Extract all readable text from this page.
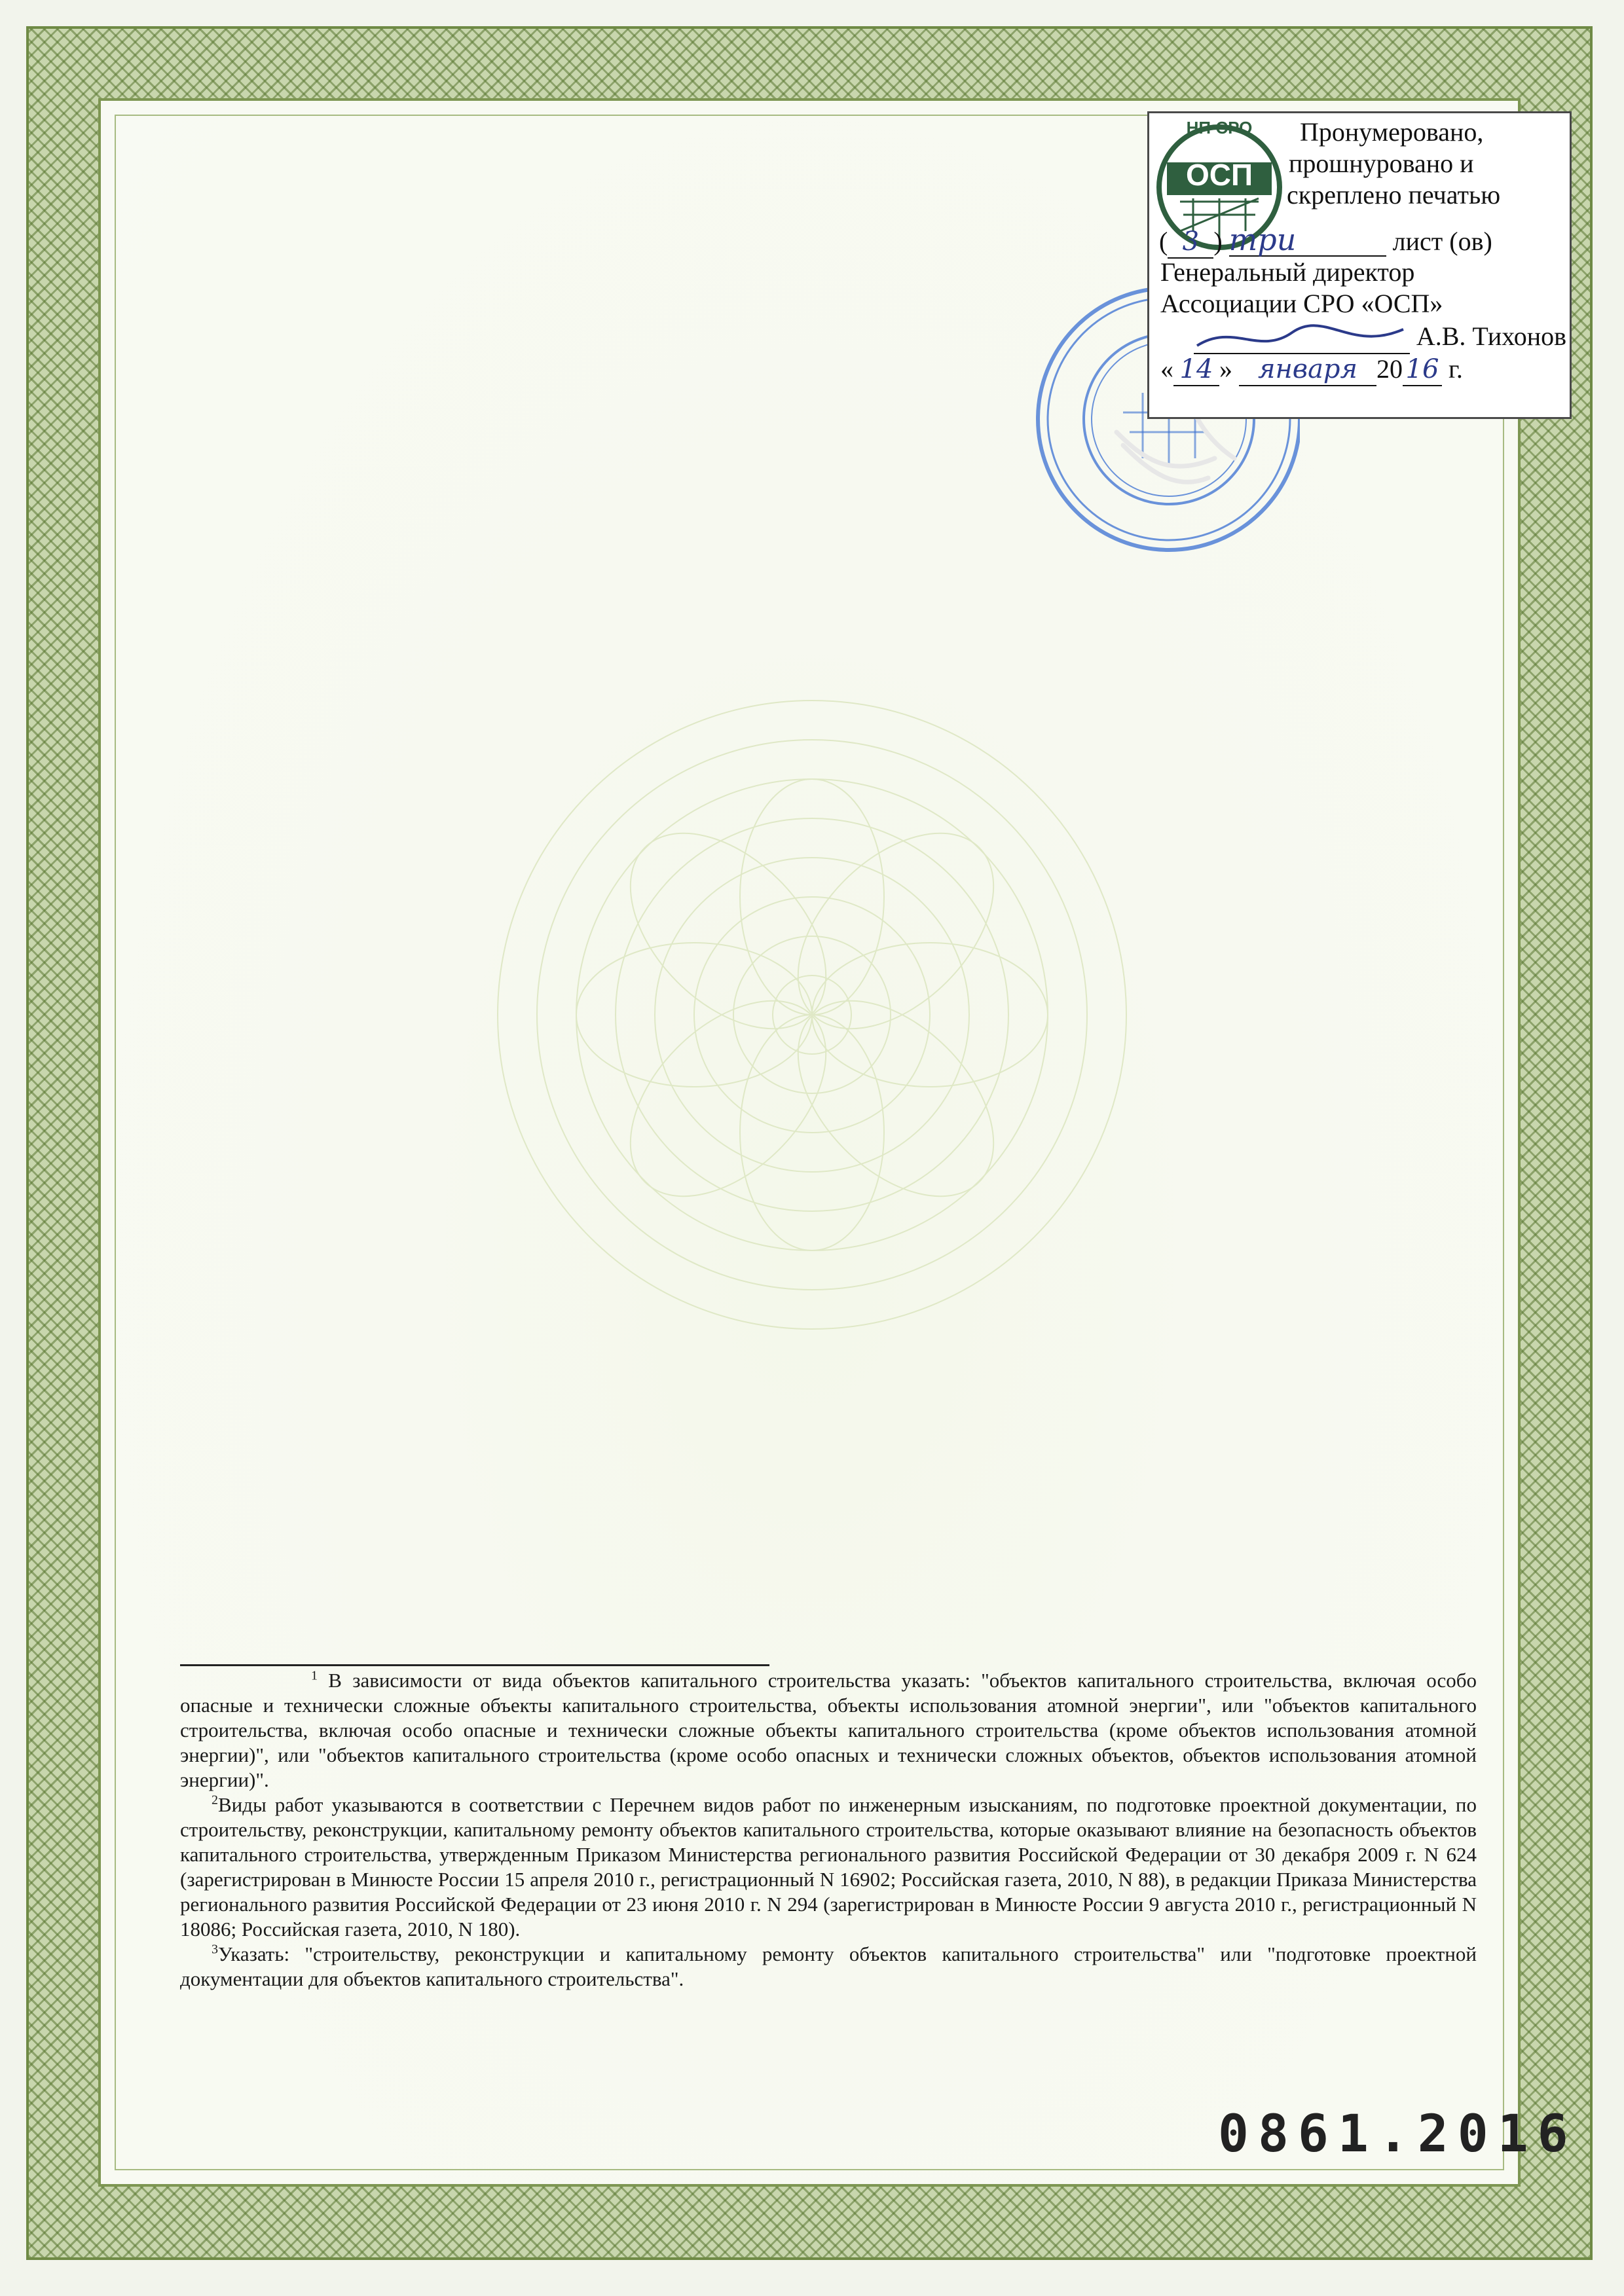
НП СРО
ОСП
Пронумеровано,
прошнуровано и
скреплено печатью
( 3 ) три	лист (ов)
Генеральный директор
Ассоциации СРО «ОСП»
А.В. Тихонов
« 14 » января 20 16 г.

$^1$ В зависимости от вида объектов капитального строительства указать: "объектов капитального строительства, включая особо опасные и технически сложные объекты капитального строительства, объекты использования атомной энергии", или "объектов капитального строительства, включая особо опасные и технически сложные объекты капитального строительства (кроме объектов использования атомной энергии)", или "объектов капитального строительства (кроме особо опасных и технически сложных объектов, объектов использования атомной энергии)".

$^2$Виды работ указываются в соответствии с Перечнем видов работ по инженерным изысканиям, по подготовке проектной документации, по строительству, реконструкции, капитальному ремонту объектов капитального строительства, которые оказывают влияние на безопасность объектов капитального строительства, утвержденным Приказом Министерства регионального развития Российской Федерации от 30 декабря 2009 г. N 624 (зарегистрирован в Минюсте России 15 апреля 2010 г., регистрационный N 16902; Российская газета, 2010, N 88), в редакции Приказа Министерства регионального развития Российской Федерации от 23 июня 2010 г. N 294 (зарегистрирован в Минюсте России 9 августа 2010 г., регистрационный N 18086; Российская газета, 2010, N 180).

$^3$Указать: "строительству, реконструкции и капитальному ремонту объектов капитального строительства" или "подготовке проектной документации для объектов капитального строительства".

0861.2016
